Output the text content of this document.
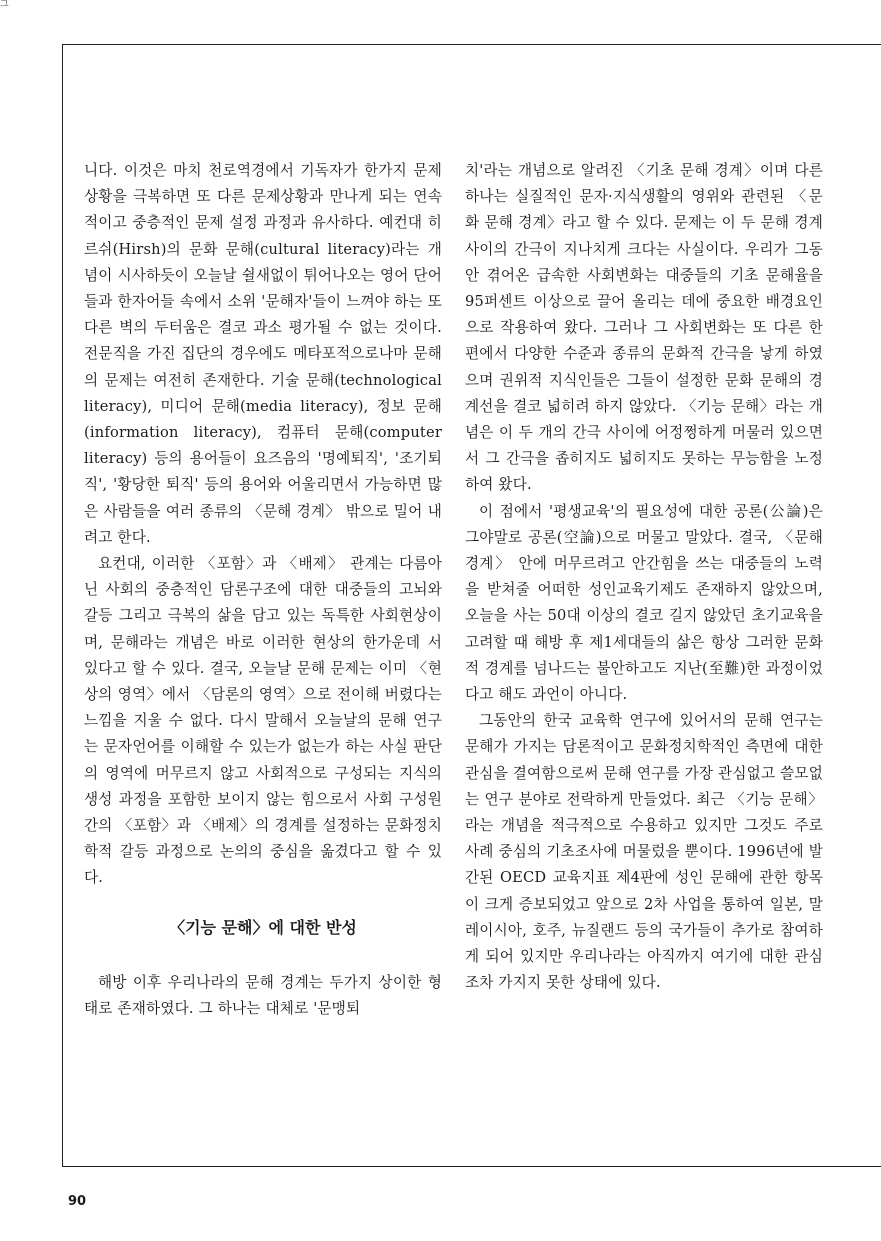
그

니다. 이것은 마치 천로역경에서 기독자가 한가지 문제상황을 극복하면 또 다른 문제상황과 만나게 되는 연속적이고 중층적인 문제 설정 과정과 유사하다. 예컨대 히르쉬(Hirsh)의 문화 문해(cultural literacy)라는 개념이 시사하듯이 오늘날 쉴새없이 튀어나오는 영어 단어들과 한자어들 속에서 소위 '문해자'들이 느껴야 하는 또 다른 벽의 두터움은 결코 과소 평가될 수 없는 것이다. 전문직을 가진 집단의 경우에도 메타포적으로나마 문해의 문제는 여전히 존재한다. 기술 문해(technological literacy), 미디어 문해(media literacy), 정보 문해(information literacy), 컴퓨터 문해(computer literacy) 등의 용어들이 요즈음의 '명예퇴직', '조기퇴직', '황당한 퇴직' 등의 용어와 어울리면서 가능하면 많은 사람들을 여러 종류의 〈문해 경계〉 밖으로 밀어 내려고 한다.

요컨대, 이러한 〈포함〉과 〈배제〉 관계는 다름아닌 사회의 중층적인 담론구조에 대한 대중들의 고뇌와 갈등 그리고 극복의 삶을 담고 있는 독특한 사회현상이며, 문해라는 개념은 바로 이러한 현상의 한가운데 서 있다고 할 수 있다. 결국, 오늘날 문해 문제는 이미 〈현상의 영역〉에서 〈담론의 영역〉으로 전이해 버렸다는 느낌을 지울 수 없다. 다시 말해서 오늘날의 문해 연구는 문자언어를 이해할 수 있는가 없는가 하는 사실 판단의 영역에 머무르지 않고 사회적으로 구성되는 지식의 생성 과정을 포함한 보이지 않는 힘으로서 사회 구성원 간의 〈포함〉과 〈배제〉의 경계를 설정하는 문화정치학적 갈등 과정으로 논의의 중심을 옮겼다고 할 수 있다.

〈기능 문해〉에 대한 반성

해방 이후 우리나라의 문해 경계는 두가지 상이한 형태로 존재하였다. 그 하나는 대체로 '문맹퇴

치'라는 개념으로 알려진 〈기초 문해 경계〉이며 다른 하나는 실질적인 문자·지식생활의 영위와 관련된 〈문화 문해 경계〉라고 할 수 있다. 문제는 이 두 문해 경계 사이의 간극이 지나치게 크다는 사실이다. 우리가 그동안 겪어온 급속한 사회변화는 대중들의 기초 문해율을 95퍼센트 이상으로 끌어 올리는 데에 중요한 배경요인으로 작용하여 왔다. 그러나 그 사회변화는 또 다른 한편에서 다양한 수준과 종류의 문화적 간극을 낳게 하였으며 권위적 지식인들은 그들이 설정한 문화 문해의 경계선을 결코 넓히려 하지 않았다. 〈기능 문해〉라는 개념은 이 두 개의 간극 사이에 어정쩡하게 머물러 있으면서 그 간극을 좁히지도 넓히지도 못하는 무능함을 노정하여 왔다.

이 점에서 '평생교육'의 필요성에 대한 공론(公論)은 그야말로 공론(空論)으로 머물고 말았다. 결국, 〈문해 경계〉 안에 머무르려고 안간힘을 쓰는 대중들의 노력을 받쳐줄 어떠한 성인교육기제도 존재하지 않았으며, 오늘을 사는 50대 이상의 결코 길지 않았던 초기교육을 고려할 때 해방 후 제1세대들의 삶은 항상 그러한 문화적 경계를 넘나드는 불안하고도 지난(至難)한 과정이었다고 해도 과언이 아니다.

그동안의 한국 교육학 연구에 있어서의 문해 연구는 문해가 가지는 담론적이고 문화정치학적인 측면에 대한 관심을 결여함으로써 문해 연구를 가장 관심없고 쓸모없는 연구 분야로 전락하게 만들었다. 최근 〈기능 문해〉라는 개념을 적극적으로 수용하고 있지만 그것도 주로 사례 중심의 기초조사에 머물렀을 뿐이다. 1996년에 발간된 OECD 교육지표 제4판에 성인 문해에 관한 항목이 크게 증보되었고 앞으로 2차 사업을 통하여 일본, 말레이시아, 호주, 뉴질랜드 등의 국가들이 추가로 참여하게 되어 있지만 우리나라는 아직까지 여기에 대한 관심조차 가지지 못한 상태에 있다.

90
